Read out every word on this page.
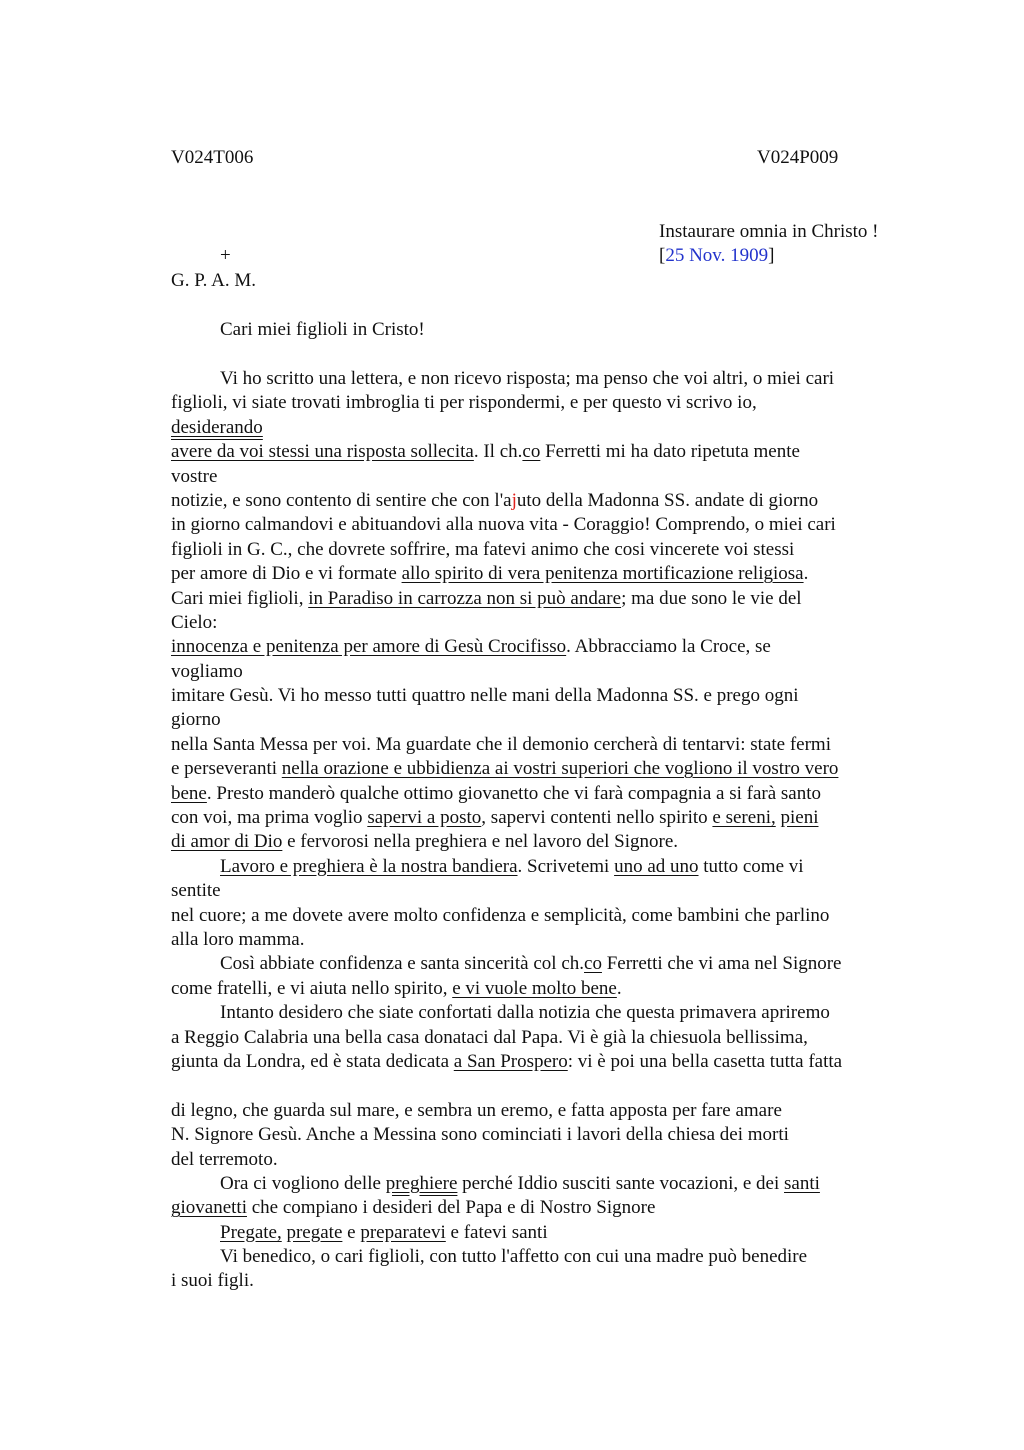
V024T006	V024P009
Instaurare omnia in Christo !
[25 Nov. 1909]
+
G. P. A. M.
Cari miei figlioli in Cristo!
Vi ho scritto una lettera, e non ricevo risposta; ma penso che voi altri, o miei cari
figlioli, vi siate trovati imbroglia ti per rispondermi, e per questo vi scrivo io,
desiderando
avere da voi stessi una risposta sollecita. Il ch.co Ferretti mi ha dato ripetuta mente
vostre
notizie, e sono contento di sentire che con l'ajuto della Madonna SS. andate di giorno
in giorno calmandovi e abituandovi alla nuova vita - Coraggio! Comprendo, o miei cari
figlioli in G. C., che dovrete soffrire, ma fatevi animo che cosi vincerete voi stessi
per amore di Dio e vi formate allo spirito di vera penitenza mortificazione religiosa.
Cari miei figlioli, in Paradiso in carrozza non si può andare; ma due sono le vie del
Cielo:
innocenza e penitenza per amore di Gesù Crocifisso. Abbracciamo la Croce, se
vogliamo
imitare Gesù. Vi ho messo tutti quattro nelle mani della Madonna SS. e prego ogni
giorno
nella Santa Messa per voi. Ma guardate che il demonio cercherà di tentarvi: state fermi
e perseveranti nella orazione e ubbidienza ai vostri superiori che vogliono il vostro vero
bene. Presto manderò qualche ottimo giovanetto che vi farà compagnia a si farà santo
con voi, ma prima voglio sapervi a posto, sapervi contenti nello spirito e sereni, pieni
di amor di Dio e fervorosi nella preghiera e nel lavoro del Signore.
Lavoro e preghiera è la nostra bandiera. Scrivetemi uno ad uno tutto come vi
sentite
nel cuore; a me dovete avere molto confidenza e semplicità, come bambini che parlino
alla loro mamma.
Così abbiate confidenza e santa sincerità col ch.co Ferretti che vi ama nel Signore
come fratelli, e vi aiuta nello spirito, e vi vuole molto bene.
Intanto desidero che siate confortati dalla notizia che questa primavera apriremo
a Reggio Calabria una bella casa donataci dal Papa. Vi è già la chiesuola bellissima,
giunta da Londra, ed è stata dedicata a San Prospero: vi è poi una bella casetta tutta fatta
di legno, che guarda sul mare, e sembra un eremo, e fatta apposta per fare amare
N. Signore Gesù. Anche a Messina sono cominciati i lavori della chiesa dei morti
del terremoto.
Ora ci vogliono delle preghiere perché Iddio susciti sante vocazioni, e dei santi
giovanetti che compiano i desideri del Papa e di Nostro Signore
Pregate, pregate e preparatevi e fatevi santi
Vi benedico, o cari figlioli, con tutto l'affetto con cui una madre può benedire
i suoi figli.
